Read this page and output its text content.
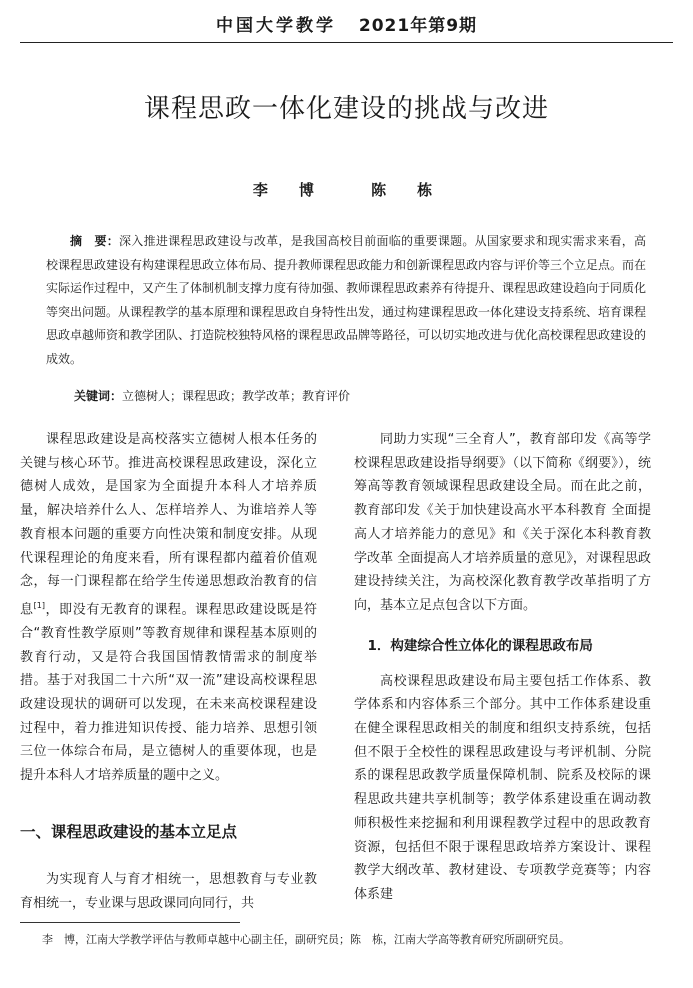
中国大学教学 2021年第9期
课程思政一体化建设的挑战与改进
李　博	陈　栋

摘　要：深入推进课程思政建设与改革，是我国高校目前面临的重要课题。从国家要求和现实需求来看，高校课程思政建设有构建课程思政立体布局、提升教师课程思政能力和创新课程思政内容与评价等三个立足点。而在实际运作过程中，又产生了体制机制支撑力度有待加强、教师课程思政素养有待提升、课程思政建设趋向于同质化等突出问题。从课程教学的基本原理和课程思政自身特性出发，通过构建课程思政一体化建设支持系统、培育课程思政卓越师资和教学团队、打造院校独特风格的课程思政品牌等路径，可以切实地改进与优化高校课程思政建设的成效。

关键词：立德树人；课程思政；教学改革；教育评价

课程思政建设是高校落实立德树人根本任务的关键与核心环节。推进高校课程思政建设，深化立德树人成效，是国家为全面提升本科人才培养质量，解决培养什么人、怎样培养人、为谁培养人等教育根本问题的重要方向性决策和制度安排。从现代课程理论的角度来看，所有课程都内蕴着价值观念，每一门课程都在给学生传递思想政治教育的信息[1]，即没有无教育的课程。课程思政建设既是符合“教育性教学原则”等教育规律和课程基本原则的教育行动，又是符合我国国情教情需求的制度举措。基于对我国二十六所“双一流”建设高校课程思政建设现状的调研可以发现，在未来高校课程建设过程中，着力推进知识传授、能力培养、思想引领三位一体综合布局，是立德树人的重要体现，也是提升本科人才培养质量的题中之义。

一、课程思政建设的基本立足点

为实现育人与育才相统一，思想教育与专业教育相统一，专业课与思政课同向同行，共

同助力实现“三全育人”，教育部印发《高等学校课程思政建设指导纲要》（以下简称《纲要》），统筹高等教育领域课程思政建设全局。而在此之前，教育部印发《关于加快建设高水平本科教育 全面提高人才培养能力的意见》和《关于深化本科教育教学改革 全面提高人才培养质量的意见》，对课程思政建设持续关注，为高校深化教育教学改革指明了方向，基本立足点包含以下方面。

1．构建综合性立体化的课程思政布局

高校课程思政建设布局主要包括工作体系、教学体系和内容体系三个部分。其中工作体系建设重在健全课程思政相关的制度和组织支持系统，包括但不限于全校性的课程思政建设与考评机制、分院系的课程思政教学质量保障机制、院系及校际的课程思政共建共享机制等；教学体系建设重在调动教师积极性来挖掘和利用课程教学过程中的思政教育资源，包括但不限于课程思政培养方案设计、课程教学大纲改革、教材建设、专项教学竞赛等；内容体系建

李　博，江南大学教学评估与教师卓越中心副主任，副研究员；陈　栋，江南大学高等教育研究所副研究员。
